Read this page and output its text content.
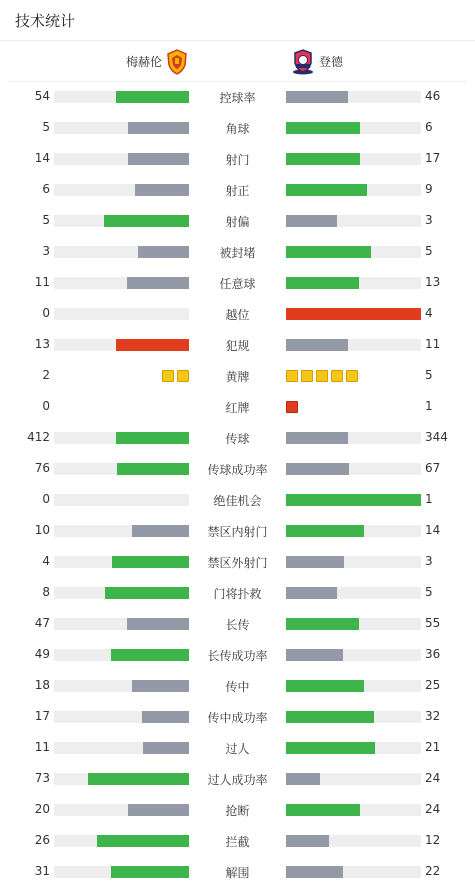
技术统计
梅赫伦	登德
54	控球率	46
5	角球	6
14	射门	17
6	射正	9
5	射偏	3
3	被封堵	5
11	任意球	13
0	越位	4
13	犯规	11
2	黄牌	5
0	红牌	1
412	传球	344
76	传球成功率	67
0	绝佳机会	1
10	禁区内射门	14
4	禁区外射门	3
8	门将扑救	5
47	长传	55
49	长传成功率	36
18	传中	25
17	传中成功率	32
11	过人	21
73	过人成功率	24
20	抢断	24
26	拦截	12
31	解围	22
